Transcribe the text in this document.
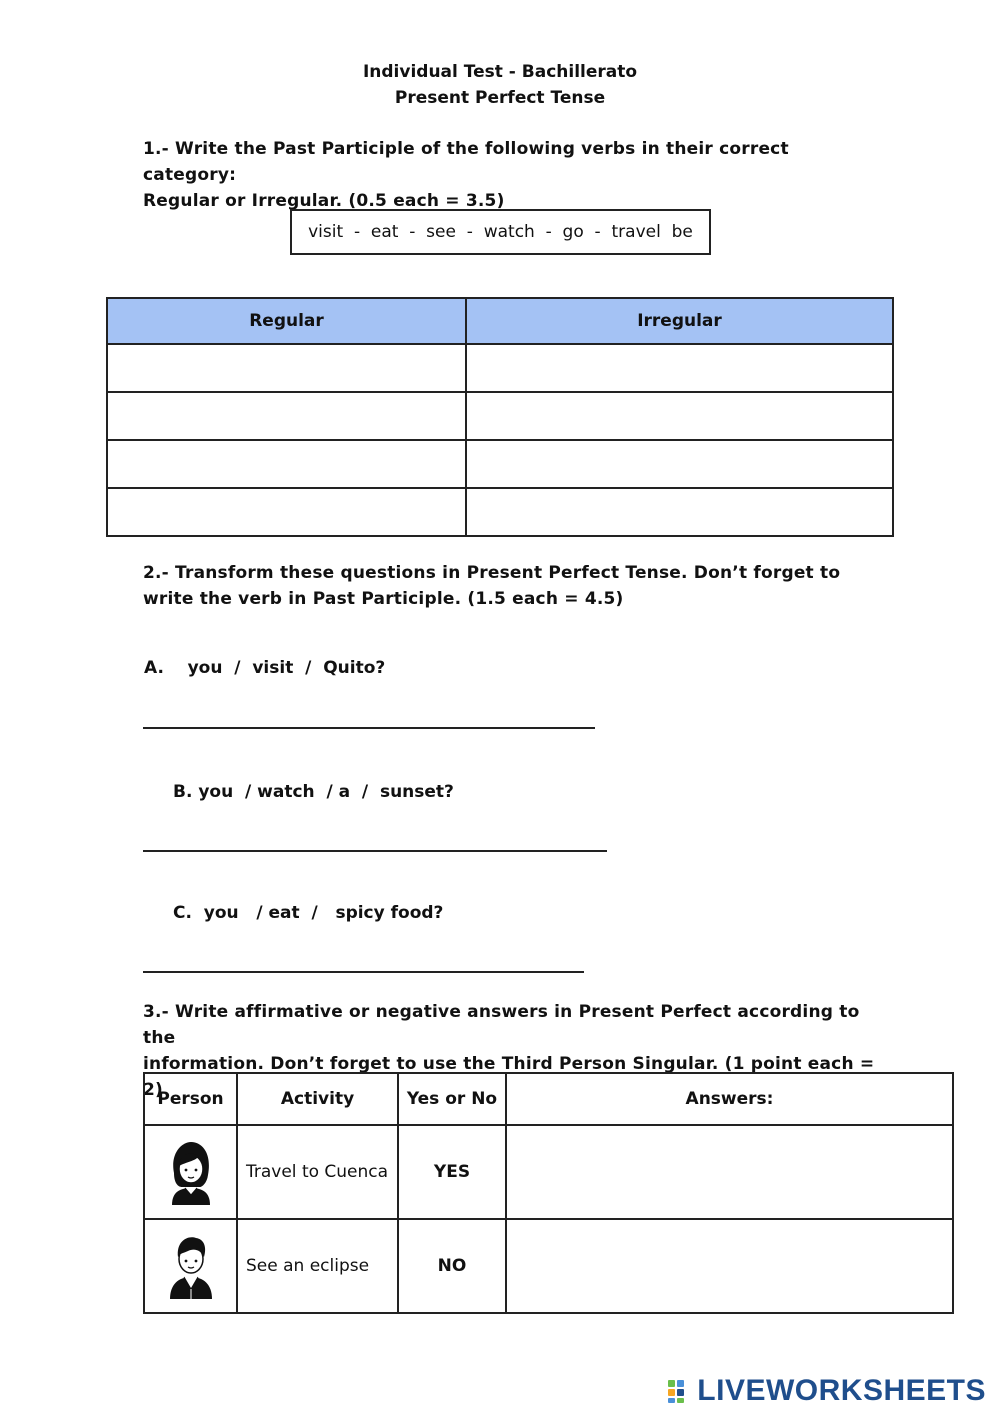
Individual Test - Bachillerato
Present Perfect Tense
1.- Write the Past Participle of the following verbs in their correct category:
Regular or Irregular. (0.5 each = 3.5)
visit  -  eat  -  see  -  watch  -  go  -  travel  be
Regular	Irregular

2.- Transform these questions in Present Perfect Tense. Don’t forget to
write the verb in Past Participle. (1.5 each = 4.5)
A.    you  /  visit  /  Quito?
B. you  / watch  / a  /  sunset?
C.  you   / eat  /   spicy food?
3.- Write affirmative or negative answers in Present Perfect according to the
information. Don’t forget to use the Third Person Singular. (1 point each = 2)
Person	Activity	Yes or No	Answers:

	Travel to Cuenca	YES	

	See an eclipse	NO	
LIVEWORKSHEETS
